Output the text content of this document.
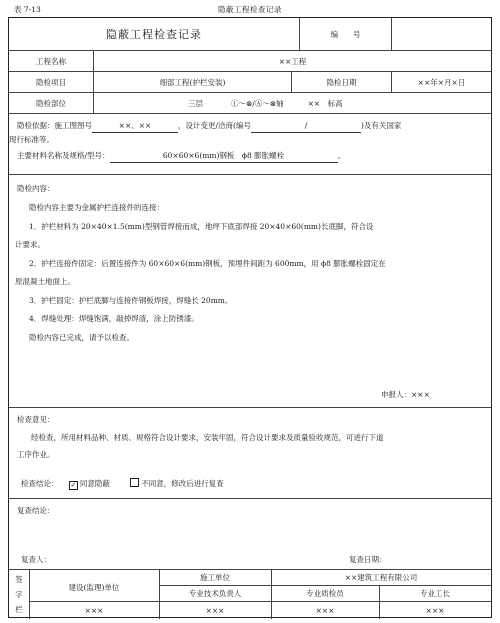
隐蔽工程检查记录
表 7-13
隐蔽工程检查记录	编　　号
工程名称	××工程
隐检项目	细部工程(护栏安装)	隐检日期	××年×月×日
隐检部位	三层	①～⊗/Ⓐ～⊗轴	××　标高
隐检依据：施工图图号	××、××	，设计变更/洽商(编号	/	)及有关国家
现行标准等。
主要材料名称及规格/型号：	60×60×6(mm)钢板　ϕ8 膨胀螺栓	。
隐检内容：
隐检内容主要为金属护栏连接件的连接：
1．护栏材料为 20×40×1.5(mm)型钢管焊接而成，地坪下底部焊接 20×40×60(mm)长底脚，符合设
计要求。
2．护栏连接件固定：后置连接件为 60×60×6(mm)钢板，预埋件间距为 600mm，用 ϕ8 膨胀螺栓固定在
原混凝土地面上。
3．护栏固定：护栏底脚与连接件钢板焊接，焊缝长 20mm。
4．焊缝处理：焊缝饱满，敲掉焊渣，涂上防锈漆。
隐检内容已完成，请予以检查。
申报人：×××
检查意见：
经检查，所用材料品种、材质、规格符合设计要求，安装牢固，符合设计要求及质量验收规范，可进行下道
工序作业。
检查结论： ✓ 同意隐蔽	不同意，修改后进行复查
复查结论：
复查人：	复查日期：
签
字
栏
建设(监理)单位
施工单位	××建筑工程有限公司
专业技术负责人	专业质检员	专业工长
×××	×××	×××	×××
